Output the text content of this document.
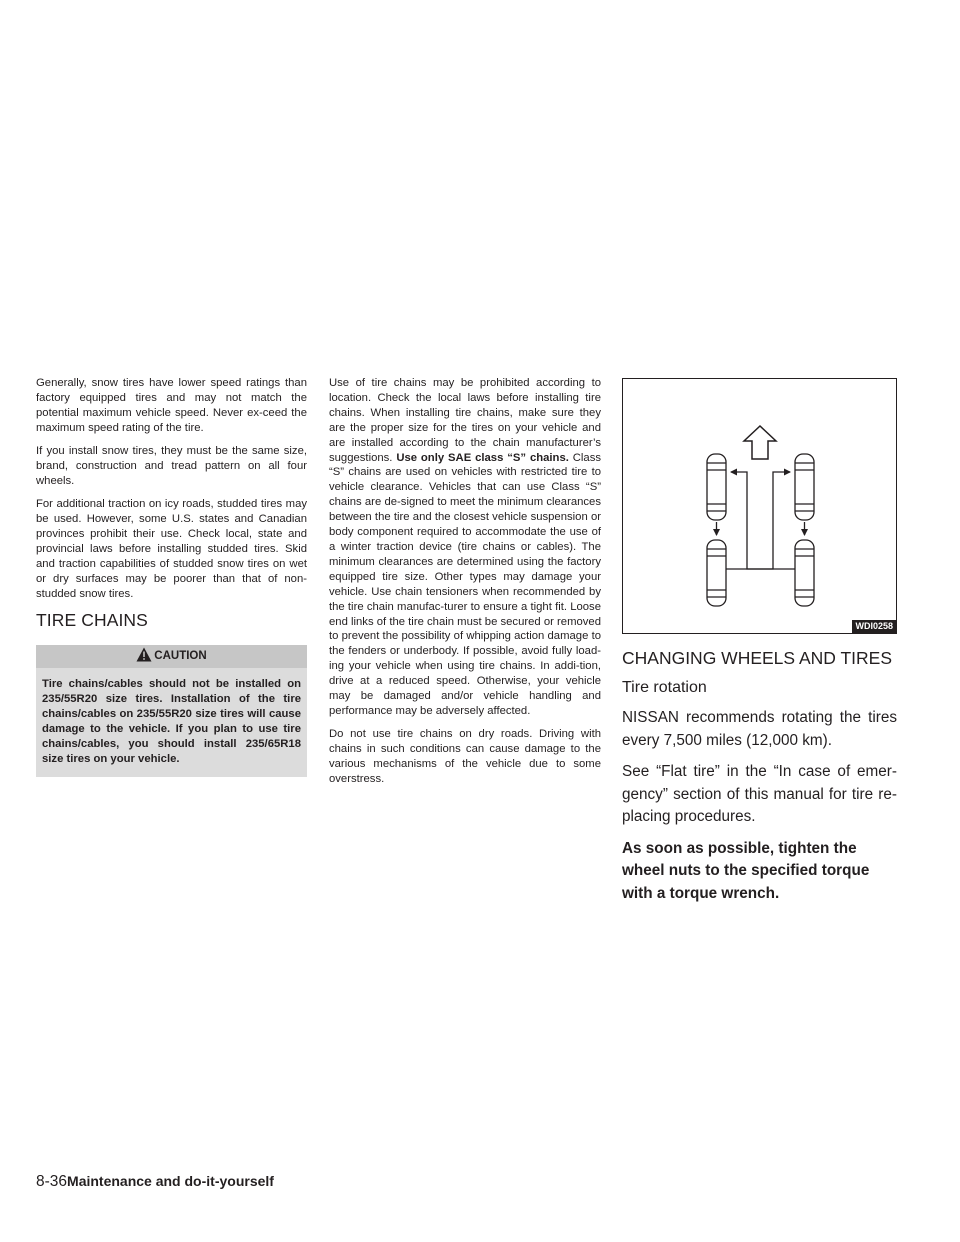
Generally, snow tires have lower speed ratings than factory equipped tires and may not match the potential maximum vehicle speed. Never ex-ceed the maximum speed rating of the tire.

If you install snow tires, they must be the same size, brand, construction and tread pattern on all four wheels.

For additional traction on icy roads, studded tires may be used. However, some U.S. states and Canadian provinces prohibit their use. Check local, state and provincial laws before installing studded tires. Skid and traction capabilities of studded snow tires on wet or dry surfaces may be poorer than that of non-studded snow tires.

TIRE CHAINS
CAUTION
Tire chains/cables should not be installed on 235/55R20 size tires. Installation of the tire chains/cables on 235/55R20 size tires will cause damage to the vehicle. If you plan to use tire chains/cables, you should install 235/65R18 size tires on your vehicle.

Use of tire chains may be prohibited according to location. Check the local laws before installing tire chains. When installing tire chains, make sure they are the proper size for the tires on your vehicle and are installed according to the chain manufacturer’s suggestions. Use only SAE class “S” chains. Class “S” chains are used on vehicles with restricted tire to vehicle clearance. Vehicles that can use Class “S” chains are de-signed to meet the minimum clearances between the tire and the closest vehicle suspension or body component required to accommodate the use of a winter traction device (tire chains or cables). The minimum clearances are determined using the factory equipped tire size. Other types may damage your vehicle. Use chain tensioners when recommended by the tire chain manufac-turer to ensure a tight fit. Loose end links of the tire chain must be secured or removed to prevent the possibility of whipping action damage to the fenders or underbody. If possible, avoid fully load-ing your vehicle when using tire chains. In addi-tion, drive at a reduced speed. Otherwise, your vehicle may be damaged and/or vehicle handling and performance may be adversely affected.

Do not use tire chains on dry roads. Driving with chains in such conditions can cause damage to the various mechanisms of the vehicle due to some overstress.

WDI0258
CHANGING WHEELS AND TIRES
Tire rotation

NISSAN recommends rotating the tires every 7,500 miles (12,000 km).

See “Flat tire” in the “In case of emer-gency” section of this manual for tire re-placing procedures.

As soon as possible, tighten the wheel nuts to the specified torque with a torque wrench.

8-36Maintenance and do-it-yourself
